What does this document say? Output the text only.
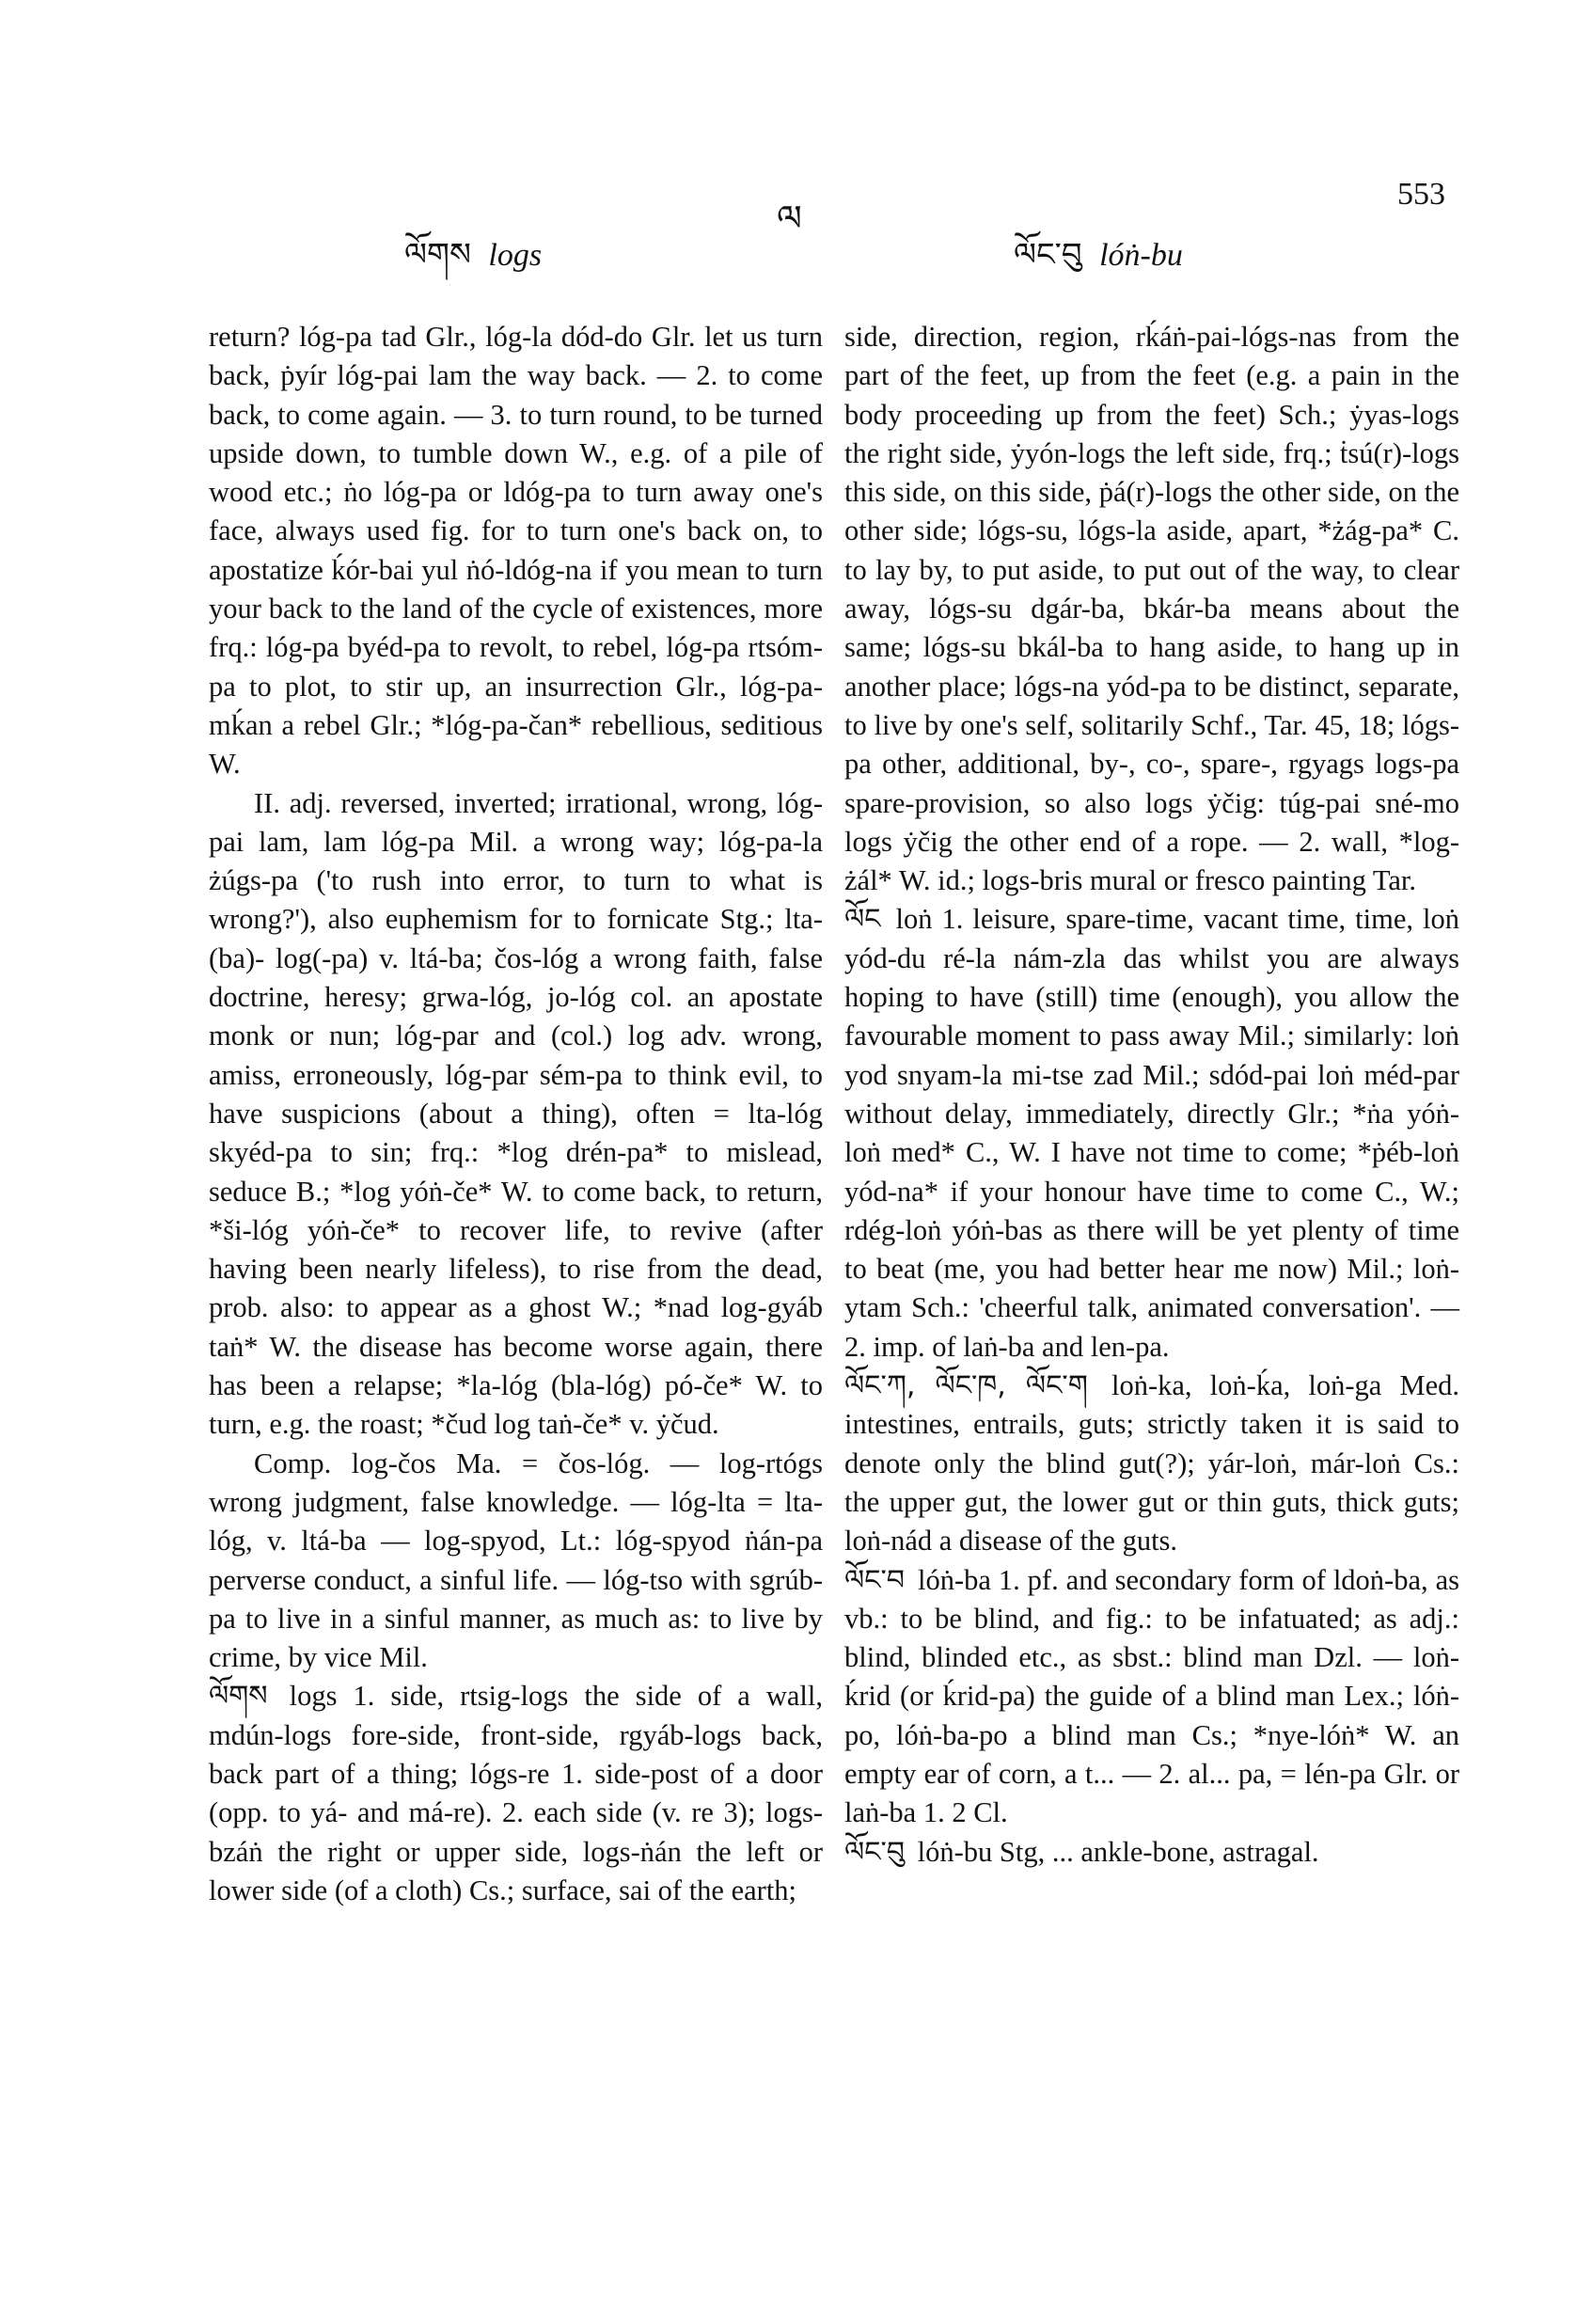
553
ལ
ལོགས logs	ལོང་བུ lóṅ-bu

return? lóg-pa tad Glr., lóg-la dód-do Glr. let us turn back, ṗyír lóg-pai lam the way back. — 2. to come back, to come again. — 3. to turn round, to be turned upside down, to tumble down W., e.g. of a pile of wood etc.; ṅo lóg-pa or ldóg-pa to turn away one's face, always used fig. for to turn one's back on, to apostatize ḱór-bai yul ṅó-ldóg-na if you mean to turn your back to the land of the cycle of existences, more frq.: lóg-pa byéd-pa to revolt, to rebel, lóg-pa rtsóm-pa to plot, to stir up, an insurrection Glr., lóg-pa-mḱan a rebel Glr.; *lóg-pa-čan* rebellious, seditious W.

II. adj. reversed, inverted; irrational, wrong, lóg-pai lam, lam lóg-pa Mil. a wrong way; lóg-pa-la żúgs-pa ('to rush into error, to turn to what is wrong?'), also euphemism for to fornicate Stg.; lta-(ba)- log(-pa) v. ltá-ba; čos-lóg a wrong faith, false doctrine, heresy; grwa-lóg, jo-lóg col. an apostate monk or nun; lóg-par and (col.) log adv. wrong, amiss, erroneously, lóg-par sém-pa to think evil, to have suspicions (about a thing), often = lta-lóg skyéd-pa to sin; frq.: *log drén-pa* to mislead, seduce B.; *log yóṅ-če* W. to come back, to return, *ši-lóg yóṅ-če* to recover life, to revive (after having been nearly lifeless), to rise from the dead, prob. also: to appear as a ghost W.; *nad log-gyáb taṅ* W. the disease has become worse again, there has been a relapse; *la-lóg (bla-lóg) pó-če* W. to turn, e.g. the roast; *čud log taṅ-če* v. ẏčud.

Comp. log-čos Ma. = čos-lóg. — log-rtógs wrong judgment, false knowledge. — lóg-lta = lta-lóg, v. ltá-ba — log-spyod, Lt.: lóg-spyod ṅán-pa perverse conduct, a sinful life. — lóg-tso with sgrúb-pa to live in a sinful manner, as much as: to live by crime, by vice Mil.

ལོགས logs 1. side, rtsig-logs the side of a wall, mdún-logs fore-side, front-side, rgyáb-logs back, back part of a thing; lógs-re 1. side-post of a door (opp. to yá- and má-re). 2. each side (v. re 3); logs-bzáṅ the right or upper side, logs-ṅán the left or lower side (of a cloth) Cs.; surface, sai of the earth;

side, direction, region, rḱáṅ-pai-lógs-nas from the part of the feet, up from the feet (e.g. a pain in the body proceeding up from the feet) Sch.; ẏyas-logs the right side, ẏyón-logs the left side, frq.; ṫsú(r)-logs this side, on this side, ṗá(r)-logs the other side, on the other side; lógs-su, lógs-la aside, apart, *żág-pa* C. to lay by, to put aside, to put out of the way, to clear away, lógs-su dgár-ba, bkár-ba means about the same; lógs-su bkál-ba to hang aside, to hang up in another place; lógs-na yód-pa to be distinct, separate, to live by one's self, solitarily Schf., Tar. 45, 18; lógs-pa other, additional, by-, co-, spare-, rgyags logs-pa spare-provision, so also logs ẏčig: túg-pai sné-mo logs ẏčig the other end of a rope. — 2. wall, *log-żál* W. id.; logs-bris mural or fresco painting Tar.

ལོང loṅ 1. leisure, spare-time, vacant time, time, loṅ yód-du ré-la nám-zla das whilst you are always hoping to have (still) time (enough), you allow the favourable moment to pass away Mil.; similarly: loṅ yod snyam-la mi-tse zad Mil.; sdód-pai loṅ méd-par without delay, immediately, directly Glr.; *ṅa yóṅ-loṅ med* C., W. I have not time to come; *ṗéb-loṅ yód-na* if your honour have time to come C., W.; rdég-loṅ yóṅ-bas as there will be yet plenty of time to beat (me, you had better hear me now) Mil.; loṅ-ytam Sch.: 'cheerful talk, animated conversation'. — 2. imp. of laṅ-ba and len-pa.

ལོང་ཀ, ལོང་ཁ, ལོང་ག loṅ-ka, loṅ-ḱa, loṅ-ga Med. intestines, entrails, guts; strictly taken it is said to denote only the blind gut(?); yár-loṅ, már-loṅ Cs.: the upper gut, the lower gut or thin guts, thick guts; loṅ-nád a disease of the guts.

ལོང་བ lóṅ-ba 1. pf. and secondary form of ldoṅ-ba, as vb.: to be blind, and fig.: to be infatuated; as adj.: blind, blinded etc., as sbst.: blind man Dzl. — loṅ-ḱrid (or ḱrid-pa) the guide of a blind man Lex.; lóṅ-po, lóṅ-ba-po a blind man Cs.; *nye-lóṅ* W. an empty ear of corn, a t... — 2. al... pa, = lén-pa Glr. or laṅ-ba 1. 2 Cl.

ལོང་བུ lóṅ-bu Stg, ... ankle-bone, astragal.
